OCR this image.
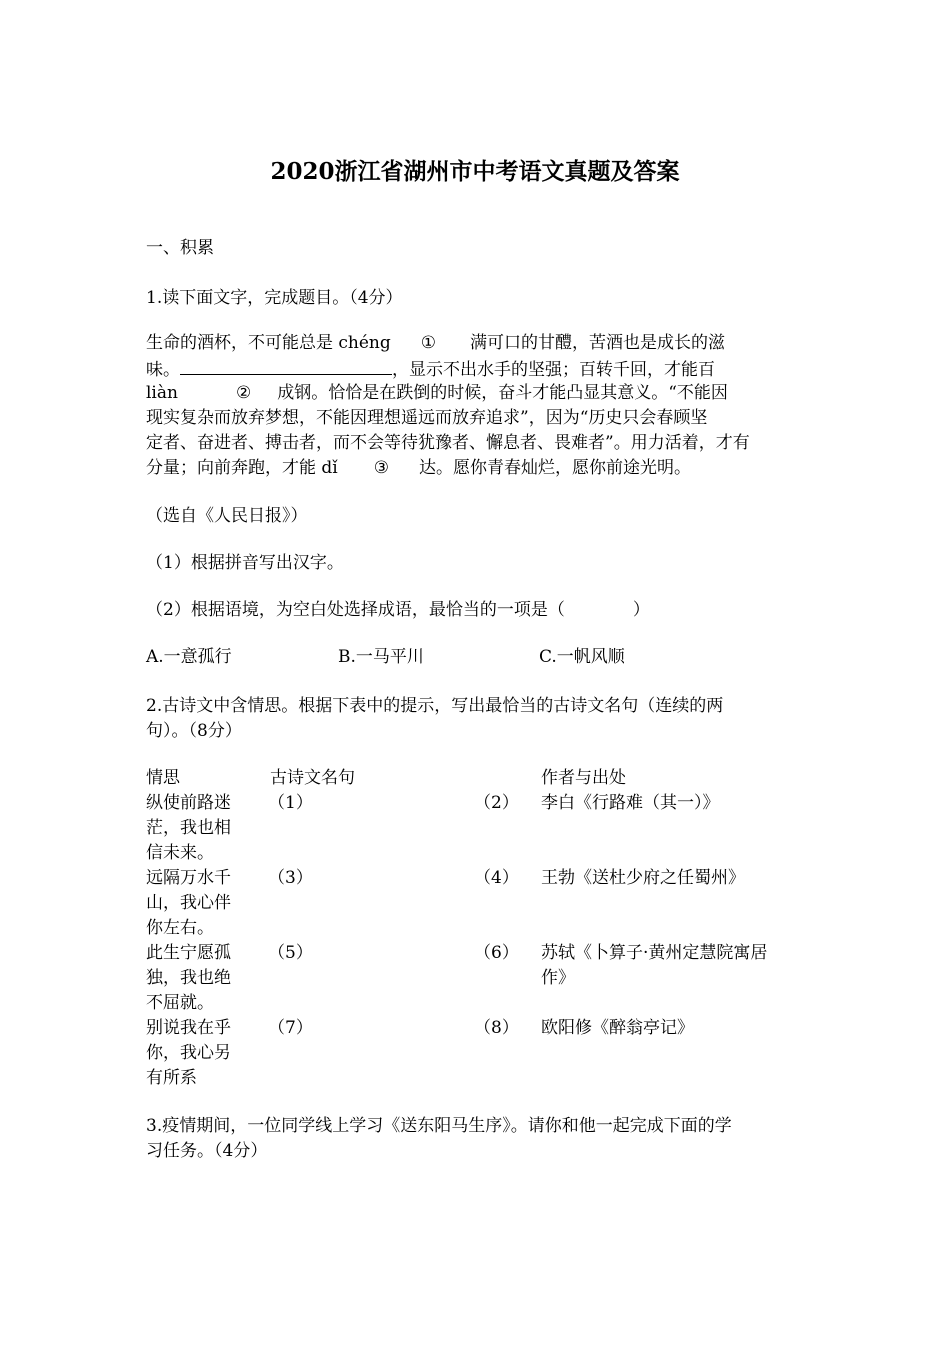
2020浙江省湖州市中考语文真题及答案
一、积累
1.读下面文字，完成题目。（4分）
生命的酒杯，不可能总是 chéng ① 满可口的甘醴，苦酒也是成长的滋
味。	，显示不出水手的坚强；百转千回，才能百
liàn	② 成钢。恰恰是在跌倒的时候，奋斗才能凸显其意义。“不能因
现实复杂而放弃梦想，不能因理想遥远而放弃追求”，因为“历史只会春顾坚
定者、奋进者、搏击者，而不会等待犹豫者、懈息者、畏难者”。用力活着，才有
分量；向前奔跑，才能 dǐ ③ 达。愿你青春灿烂，愿你前途光明。
（选自《人民日报》）
（1）根据拼音写出汉字。
（2）根据语境，为空白处选择成语，最恰当的一项是（　　　　）
A.一意孤行	B.一马平川	C.一帆风顺
2.古诗文中含情思。根据下表中的提示，写出最恰当的古诗文名句（连续的两
句）。（8分）
情思	古诗文名句	作者与出处
纵使前路迷
茫，我也相
信未来。
（1）	（2） 李白《行路难（其一）》
远隔万水千
山，我心伴
你左右。
（3）	（4） 王勃《送杜少府之任蜀州》
此生宁愿孤
独，我也绝
不屈就。
（5）	（6） 苏轼《卜算子·黄州定慧院寓居
作》
别说我在乎
你，我心另
有所系
（7）	（8） 欧阳修《醉翁亭记》
3.疫情期间，一位同学线上学习《送东阳马生序》。请你和他一起完成下面的学
习任务。（4分）
